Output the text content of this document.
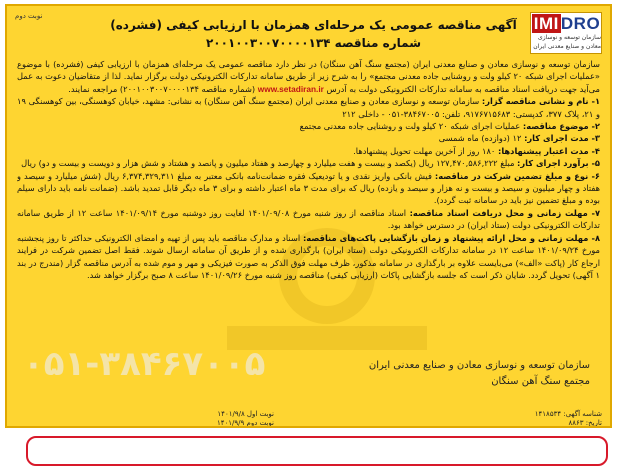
نوبت دوم	IMI DRO
سازمان توسعه و نوسازی معادن و صنایع معدنی ایران
آگهی مناقصه عمومی یک مرحله‌ای همزمان با ارزیابی کیفی (فشرده)
شماره مناقصه ۲۰۰۱۰۰۳۰۰۷۰۰۰۰۱۳۴

سازمان توسعه و نوسازی معادن و صنایع معدنی ایران (مجتمع سنگ آهن سنگان) در نظر دارد مناقصه عمومی یک مرحله‌ای همزمان با ارزیابی کیفی (فشرده) با موضوع «عملیات اجرای شبکه ۲۰ کیلو ولت و روشنایی جاده معدنی مجتمع» را به شرح زیر از طریق سامانه تدارکات الکترونیکی دولت برگزار نماید. لذا از متقاضیان دعوت به عمل می‌آید جهت دریافت اسناد مناقصه به سامانه تدارکات الکترونیکی دولت به آدرس www.setadiran.ir (شماره مناقصه ۲۰۰۱۰۰۳۰۰۷۰۰۰۰۱۳۴) مراجعه نمایند.

۱- نام و نشانی مناقصه گزار: سازمان توسعه و نوسازی معادن و صنایع معدنی ایران (مجتمع سنگ آهن سنگان) به نشانی: مشهد، خیابان کوهسنگی، بین کوهسنگی ۱۹ و ۲۱، پلاک ۳۷۷، کدپستی: ۹۱۷۶۷۱۵۶۸۳، تلفن: ۳۸۴۶۷۰۰۵-۰۵۱ - داخلی ۲۱۲

۲- موضوع مناقصه: عملیات اجرای شبکه ۲۰ کیلو ولت و روشنایی جاده معدنی مجتمع

۳- مدت اجرای کار: ۱۲ (دوازده) ماه شمسی

۴- مدت اعتبار پیشنهادها: ۱۸۰ روز از آخرین مهلت تحویل پیشنهادها.

۵- برآورد اجرای کار: مبلغ ۱۲۷,۴۷۰,۵۸۶,۲۲۲ ریال (یکصد و بیست و هفت میلیارد و چهارصد و هفتاد میلیون و پانصد و هشتاد و شش هزار و دویست و بیست و دو) ریال

۶- نوع و مبلغ تضمین شرکت در مناقصه: فیش بانکی واریز نقدی و یا تودیعیک فقره ضمانت‌نامه بانکی معتبر به مبلغ ۶,۳۷۴,۳۲۹,۳۱۱ ریال (شش میلیارد و سیصد و هفتاد و چهار میلیون و سیصد و بیست و نه هزار و سیصد و یازده) ریال که برای مدت ۳ ماه اعتبار داشته و برای ۳ ماه دیگر قابل تمدید باشد. (ضمانت نامه باید دارای سیلم بوده و مبلغ تضمین نیز باید در سامانه ثبت گردد).

۷- مهلت زمانی و محل دریافت اسناد مناقصه: اسناد مناقصه از روز شنبه مورخ ۱۴۰۱/۰۹/۰۸ لغایت روز دوشنبه مورخ ۱۴۰۱/۰۹/۱۴ ساعت ۱۲ از طریق سامانه تدارکات الکترونیکی دولت (ستاد ایران) در دسترس خواهد بود.

۸- مهلت زمانی و محل ارائه پیشنهاد و زمان بازگشایی پاکت‌های مناقصه: اسناد و مدارک مناقصه باید پس از تهیه و امضای الکترونیکی حداکثر تا روز پنجشنبه مورخ ۱۴۰۱/۰۹/۲۴ ساعت ۱۲ در سامانه تدارکات الکترونیکی دولت (ستاد ایران) بارگذاری شده و از طریق آن سامانه ارسال شوند. فقط اصل تضمین شرکت در فرایند ارجاع کار (پاکت «الف») می‌بایست علاوه بر بارگذاری در سامانه مذکور، ظرف مهلت فوق الذکر به صورت فیزیکی و مهر و موم شده به آدرس مناقصه گزار (مندرج در بند ۱ آگهی) تحویل گردد. شایان ذکر است که جلسه بازگشایی پاکات (ارزیابی کیفی) مناقصه روز شنبه مورخ ۱۴۰۱/۰۹/۲۶ ساعت ۸ صبح برگزار خواهد شد.

۰۵۱-۳۸۴۶۷۰۰۵	سازمان توسعه و نوسازی معادن و صنایع معدنی ایران
مجتمع سنگ آهن سنگان
نوبت اول ۱۴۰۱/۹/۸
نوبت دوم ۱۴۰۱/۹/۹
شناسه آگهی: ۱۴۱۸۵۳۴
تاریخ: ۸۸۶۳
